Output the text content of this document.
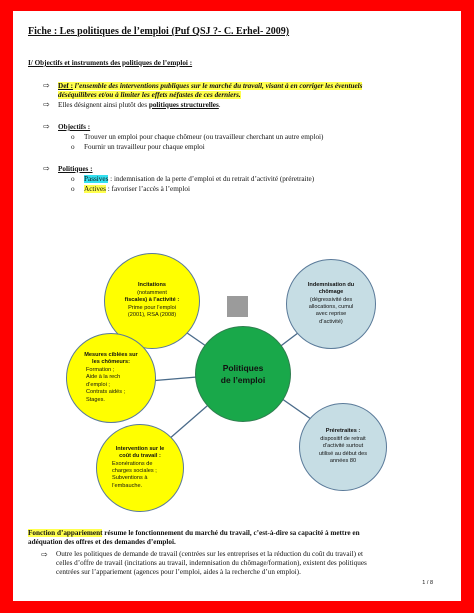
Fiche : Les politiques de l’emploi (Puf QSJ ?- C. Erhel- 2009)
I/ Objectifs et instruments des politiques de l’emploi :
⇨ Def : l’ensemble des interventions publiques sur le marché du travail, visant à en corriger les éventuels
déséquilibres et/ou à limiter les effets néfastes de ces derniers.
⇨ Elles désignent ainsi plutôt des politiques structurelles.
⇨ Objectifs :
o Trouver un emploi pour chaque chômeur (ou travailleur cherchant un autre emploi)
o Fournir un travailleur pour chaque emploi
⇨ Politiques :
o Passives : indemnisation de la perte d’emploi et du retrait d’activité (préretraite)
o Actives : favoriser l’accès à l’emploi
Incitations
(notamment
fiscales) à l’activité :
Prime pour l’emploi
(2001), RSA (2008)
Indemnisation du
chômage
(dégressivité des
allocations, cumul
avec reprise
d’activité)
Mesures ciblées sur
les chômeurs:
Formation ;
Aide à la rech
d’emploi ;
Contrats aidés ;
Stages.
Politiques
de l’emploi
Préretraites :
dispositif de retrait
d’activité surtout
utilisé au début des
années 80
Intervention sur le
coût du travail :
Exonérations de
charges sociales ;
Subventions à
l’embauche.
Fonction d’appariement résume le fonctionnement du marché du travail, c’est-à-dire sa capacité à mettre en
adéquation des offres et des demandes d’emploi.
⇨ Outre les politiques de demande de travail (centrées sur les entreprises et la réduction du coût du travail) et
celles d’offre de travail (incitations au travail, indemnisation du chômage/formation), existent des politiques
centrées sur l’appariement (agences pour l’emploi, aides à la recherche d’un emploi).
1 / 8
